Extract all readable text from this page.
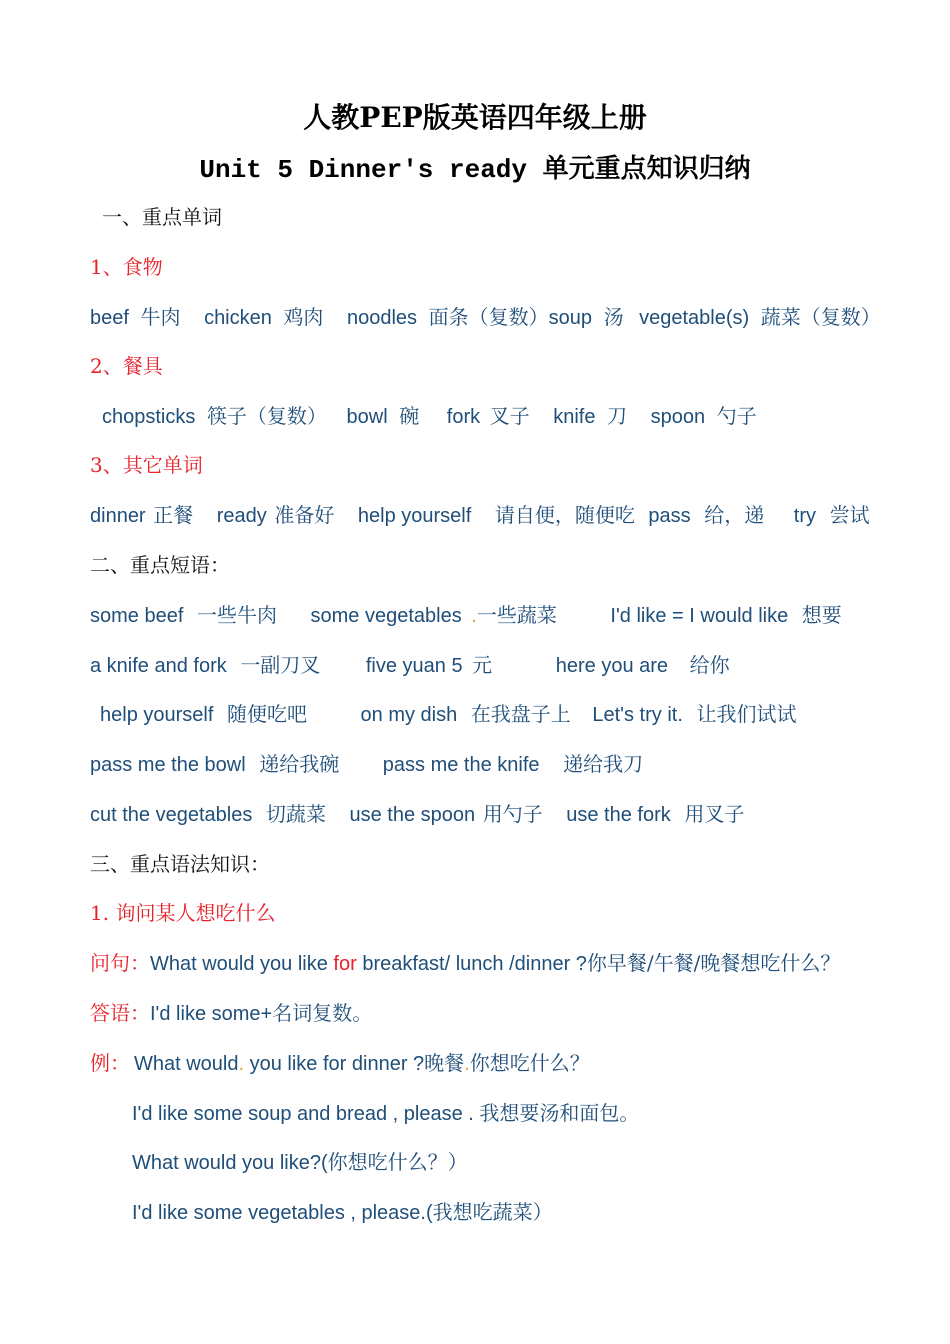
人教PEP版英语四年级上册
Unit 5 Dinner's ready 单元重点知识归纳
一、重点单词
1、食物
beef 牛肉 chicken 鸡肉 noodles 面条（复数）soup 汤 vegetable(s) 蔬菜（复数）
2、餐具
chopsticks 筷子（复数） bowl 碗 fork 叉子 knife 刀 spoon 勺子
3、其它单词
dinner 正餐 ready 准备好 help yourself 请自便，随便吃 pass 给，递 try 尝试
二、重点短语：
some beef 一些牛肉 some vegetables .一些蔬菜	I'd like = I would like 想要
a knife and fork 一副刀叉 five yuan 5 元	here you are 给你
help yourself 随便吃吧	on my dish 在我盘子上 Let's try it. 让我们试试
pass me the bowl 递给我碗 pass me the knife 递给我刀
cut the vegetables 切蔬菜 use the spoon 用勺子 use the fork 用叉子
三、重点语法知识：
1. 询问某人想吃什么
问句：What would you like for breakfast/ lunch /dinner ?你早餐/午餐/晚餐想吃什么？
答语：I'd like some+名词复数。
例： What would. you like for dinner ?晚餐.你想吃什么？
I'd like some soup and bread , please . 我想要汤和面包。
What would you like?(你想吃什么？）
I'd like some vegetables , please.(我想吃蔬菜）
